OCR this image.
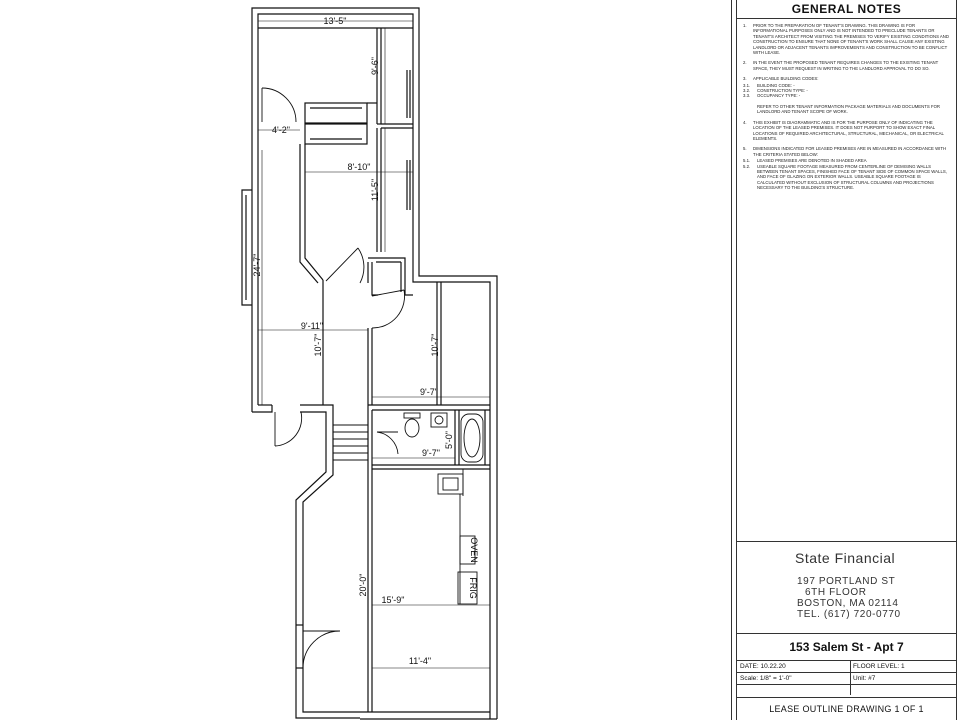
OVEN
FRIG
13'-5"
9'-6"
4'-2"
8'-10"
11'-5"
24'-7"
9'-11"
10'-7"	10'-7"
9'-7"
5'-0"
9'-7"
20'-0"
15'-9"
11'-4"
GENERAL NOTES
1.	PRIOR TO THE PREPARATION OF TENANT'S DRAWING. THIS DRAWING IS FOR INFORMATIONAL PURPOSES ONLY AND IS NOT INTENDED TO PRECLUDE TENANTS OR TENANT'S ARCHITECT FROM VISITING THE PREMISES TO VERIFY EXISTING CONDITIONS AND CONSTRUCTION TO ENSURE THAT NONE OF TENANT'S WORK SHALL CAUSE ANY EXISTING LANDLORD OR ADJACENT TENANTS IMPROVEMENTS AND CONSTRUCTION TO BE CONFLICT WITH LEASE.
2.	IN THE EVENT THE PROPOSED TENANT REQUIRES CHANGES TO THE EXISTING TENANT SPACE, THEY MUST REQUEST IN WRITING TO THE LANDLORD APPROVAL TO DO SO.
3.	APPLICABLE BUILDING CODES:
3.1.	BUILDING CODE: -
3.2.	CONSTRUCTION TYPE: -
3.3.	OCCUPANCY TYPE: -
REFER TO OTHER TENANT INFORMATION PACKAGE MATERIALS AND DOCUMENTS FOR LANDLORD AND TENANT SCOPE OF WORK.
4.	THIS EXHIBIT IS DIAGRAMMATIC AND IS FOR THE PURPOSE ONLY OF INDICATING THE LOCATION OF THE LEASED PREMISES. IT DOES NOT PURPORT TO SHOW EXACT FINAL LOCATIONS OF REQUIRED ARCHITECTURAL, STRUCTURAL, MECHANICAL, OR ELECTRICAL ELEMENTS.
5.	DIMENSIONS INDICATED FOR LEASED PREMISES ARE IN MEASURED IN ACCORDANCE WITH THE CRITERIA STATED BELOW:
5.1.	LEASED PREMISES ARE DENOTED IN SHADED AREA
5.2.	USEABLE SQUARE FOOTAGE MEASURED FROM CENTERLINE OF DEMISING WALLS BETWEEN TENANT SPACES, FINISHED FACE OF TENANT SIDE OF COMMON SPACE WALLS, AND FACE OF GLAZING ON EXTERIOR WALLS. USEABLE SQUARE FOOTAGE IS CALCULATED WITHOUT EXCLUSION OF STRUCTURAL COLUMNS AND PROJECTIONS NECESSARY TO THE BUILDING'S STRUCTURE.
State Financial
197 PORTLAND ST
6TH FLOOR
BOSTON, MA 02114
TEL. (617) 720-0770
153 Salem St - Apt 7
DATE: 10.22.20	FLOOR LEVEL: 1
Scale: 1/8" = 1'-0"	Unit: #7
LEASE OUTLINE DRAWING 1 OF 1
